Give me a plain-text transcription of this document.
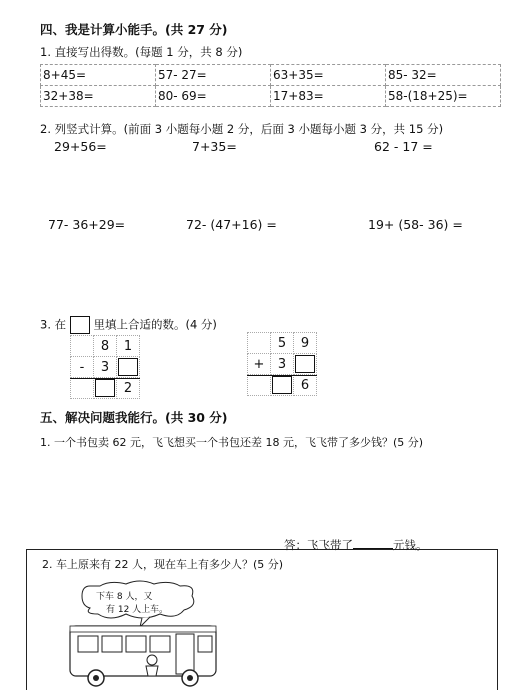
四、我是计算小能手。(共 27 分)
1. 直接写出得数。(每题 1 分，共 8 分)
8+45=	57- 27=	63+35=	85- 32=
32+38=	80- 69=	17+83=	58-(18+25)=
2. 列竖式计算。(前面 3 小题每小题 2 分，后面 3 小题每小题 3 分，共 15 分)
29+56=	7+35=	62 - 17 =
77- 36+29=	72- (47+16) =	19+ (58- 36) =
3. 在 里填上合适的数。(4 分)
	8	1
-	3	
		2
	5	9
+	3	
		6
五、解决问题我能行。(共 30 分)
1. 一个书包卖 62 元，飞飞想买一个书包还差 18 元，飞飞带了多少钱？(5 分)
答：飞飞带了	元钱。
2. 车上原来有 22 人，现在车上有多少人？(5 分)
下车 8 人，又
有 12 人上车。
